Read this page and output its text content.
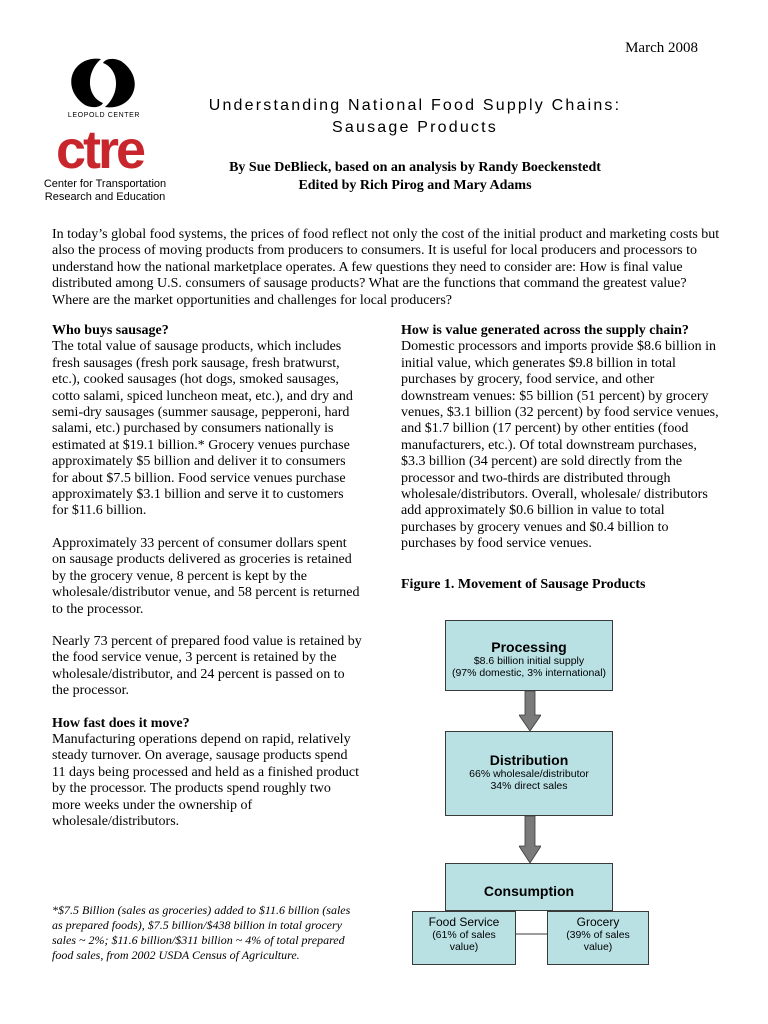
March 2008
LEOPOLD CENTER
ctre
Center for Transportation Research and Education
Understanding National Food Supply Chains:
Sausage Products
By Sue DeBlieck, based on an analysis by Randy Boeckenstedt
Edited by Rich Pirog and Mary Adams
In today’s global food systems, the prices of food reflect not only the cost of the initial product and marketing costs but also the process of moving products from producers to consumers. It is useful for local producers and processors to understand how the national marketplace operates. A few questions they need to consider are: How is final value distributed among U.S. consumers of sausage products? What are the functions that command the greatest value? Where are the market opportunities and challenges for local producers?
Who buys sausage?

The total value of sausage products, which includes fresh sausages (fresh pork sausage, fresh bratwurst, etc.), cooked sausages (hot dogs, smoked sausages, cotto salami, spiced luncheon meat, etc.), and dry and semi-dry sausages (summer sausage, pepperoni, hard salami, etc.) purchased by consumers nationally is estimated at $19.1 billion.* Grocery venues purchase approximately $5 billion and deliver it to consumers for about $7.5 billion. Food service venues purchase approximately $3.1 billion and serve it to customers for $11.6 billion.

Approximately 33 percent of consumer dollars spent on sausage products delivered as groceries is retained by the grocery venue, 8 percent is kept by the wholesale/distributor venue, and 58 percent is returned to the processor.

Nearly 73 percent of prepared food value is retained by the food service venue, 3 percent is retained by the wholesale/distributor, and 24 percent is passed on to the processor.

How fast does it move?

Manufacturing operations depend on rapid, relatively steady turnover. On average, sausage products spend 11 days being processed and held as a finished product by the processor. The products spend roughly two more weeks under the ownership of wholesale/distributors.

How is value generated across the supply chain?

Domestic processors and imports provide $8.6 billion in initial value, which generates $9.8 billion in total purchases by grocery, food service, and other downstream venues: $5 billion (51 percent) by grocery venues, $3.1 billion (32 percent) by food service venues, and $1.7 billion (17 percent) by other entities (food manufacturers, etc.). Of total downstream purchases, $3.3 billion (34 percent) are sold directly from the processor and two-thirds are distributed through wholesale/distributors. Overall, wholesale/ distributors add approximately $0.6 billion in value to total purchases by grocery venues and $0.4 billion to purchases by food service venues.

Figure 1. Movement of Sausage Products
Processing
$8.6 billion initial supply
(97% domestic, 3% international)
Distribution
66% wholesale/distributor
34% direct sales
Consumption
Food Service
(61% of sales
value)
Grocery
(39% of sales
value)
*$7.5 Billion (sales as groceries) added to $11.6 billion (sales as prepared foods), $7.5 billion/$438 billion in total grocery sales ~ 2%; $11.6 billion/$311 billion ~ 4% of total prepared food sales, from 2002 USDA Census of Agriculture.
